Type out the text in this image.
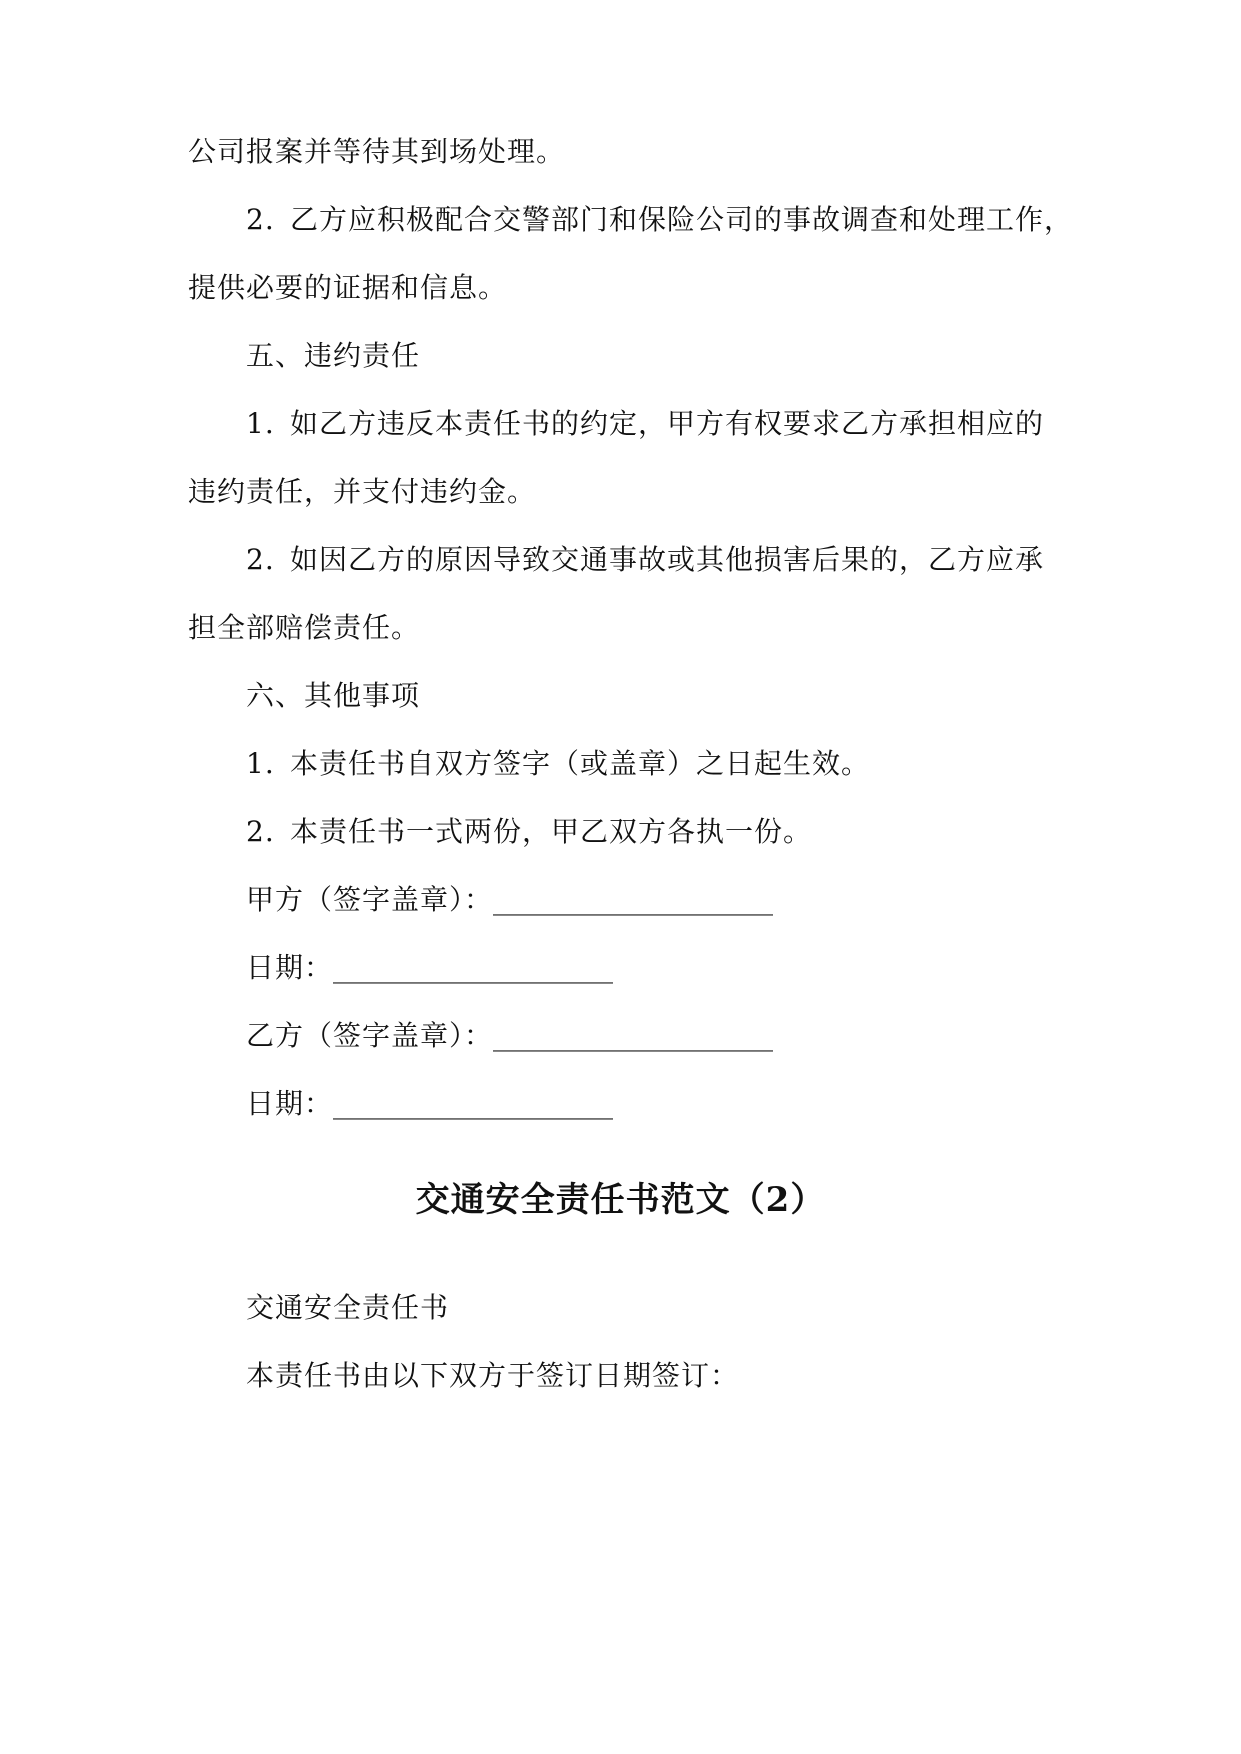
公司报案并等待其到场处理。
2. 乙方应积极配合交警部门和保险公司的事故调查和处理工作，
提供必要的证据和信息。
五、违约责任
1. 如乙方违反本责任书的约定，甲方有权要求乙方承担相应的
违约责任，并支付违约金。
2. 如因乙方的原因导致交通事故或其他损害后果的，乙方应承
担全部赔偿责任。
六、其他事项
1. 本责任书自双方签字（或盖章）之日起生效。
2. 本责任书一式两份，甲乙双方各执一份。
甲方（签字盖章）：____________________
日期：____________________
乙方（签字盖章）：____________________
日期：____________________
交通安全责任书范文（2）
交通安全责任书
本责任书由以下双方于签订日期签订：
